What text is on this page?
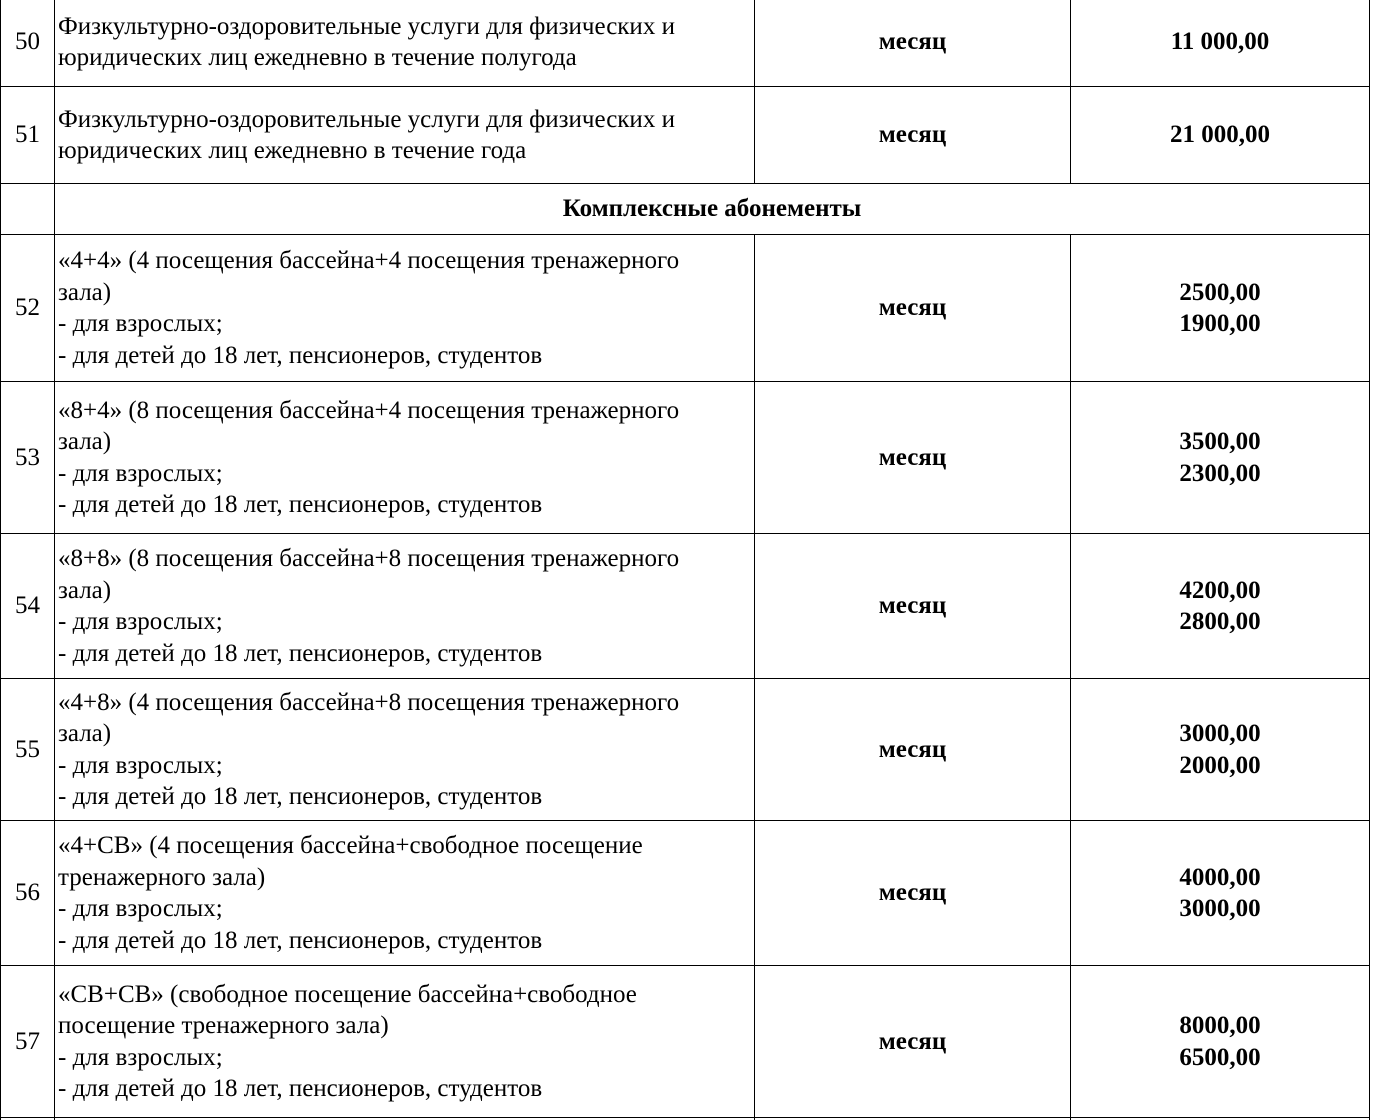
50	Физкультурно-оздоровительные услуги для физических и
юридических лиц ежедневно в течение полугода	месяц	11 000,00
51	Физкультурно-оздоровительные услуги для физических и
юридических лиц ежедневно в течение года	месяц	21 000,00
	Комплексные абонементы		
52	«4+4» (4 посещения бассейна+4 посещения тренажерного
зала)
- для взрослых;
- для детей до 18 лет, пенсионеров, студентов	месяц	2500,00
1900,00

53	«8+4» (8 посещения бассейна+4 посещения тренажерного
зала)
- для взрослых;
- для детей до 18 лет, пенсионеров, студентов	месяц	3500,00
2300,00

54	«8+8» (8 посещения бассейна+8 посещения тренажерного
зала)
- для взрослых;
- для детей до 18 лет, пенсионеров, студентов	месяц	4200,00
2800,00

55	«4+8» (4 посещения бассейна+8 посещения тренажерного
зала)
- для взрослых;
- для детей до 18 лет, пенсионеров, студентов	месяц	3000,00
2000,00

56	«4+СВ» (4 посещения бассейна+свободное посещение
тренажерного зала)
- для взрослых;
- для детей до 18 лет, пенсионеров, студентов	месяц	4000,00
3000,00

57	«СВ+СВ» (свободное посещение бассейна+свободное
посещение тренажерного зала)
- для взрослых;
- для детей до 18 лет, пенсионеров, студентов	месяц	8000,00
6500,00
